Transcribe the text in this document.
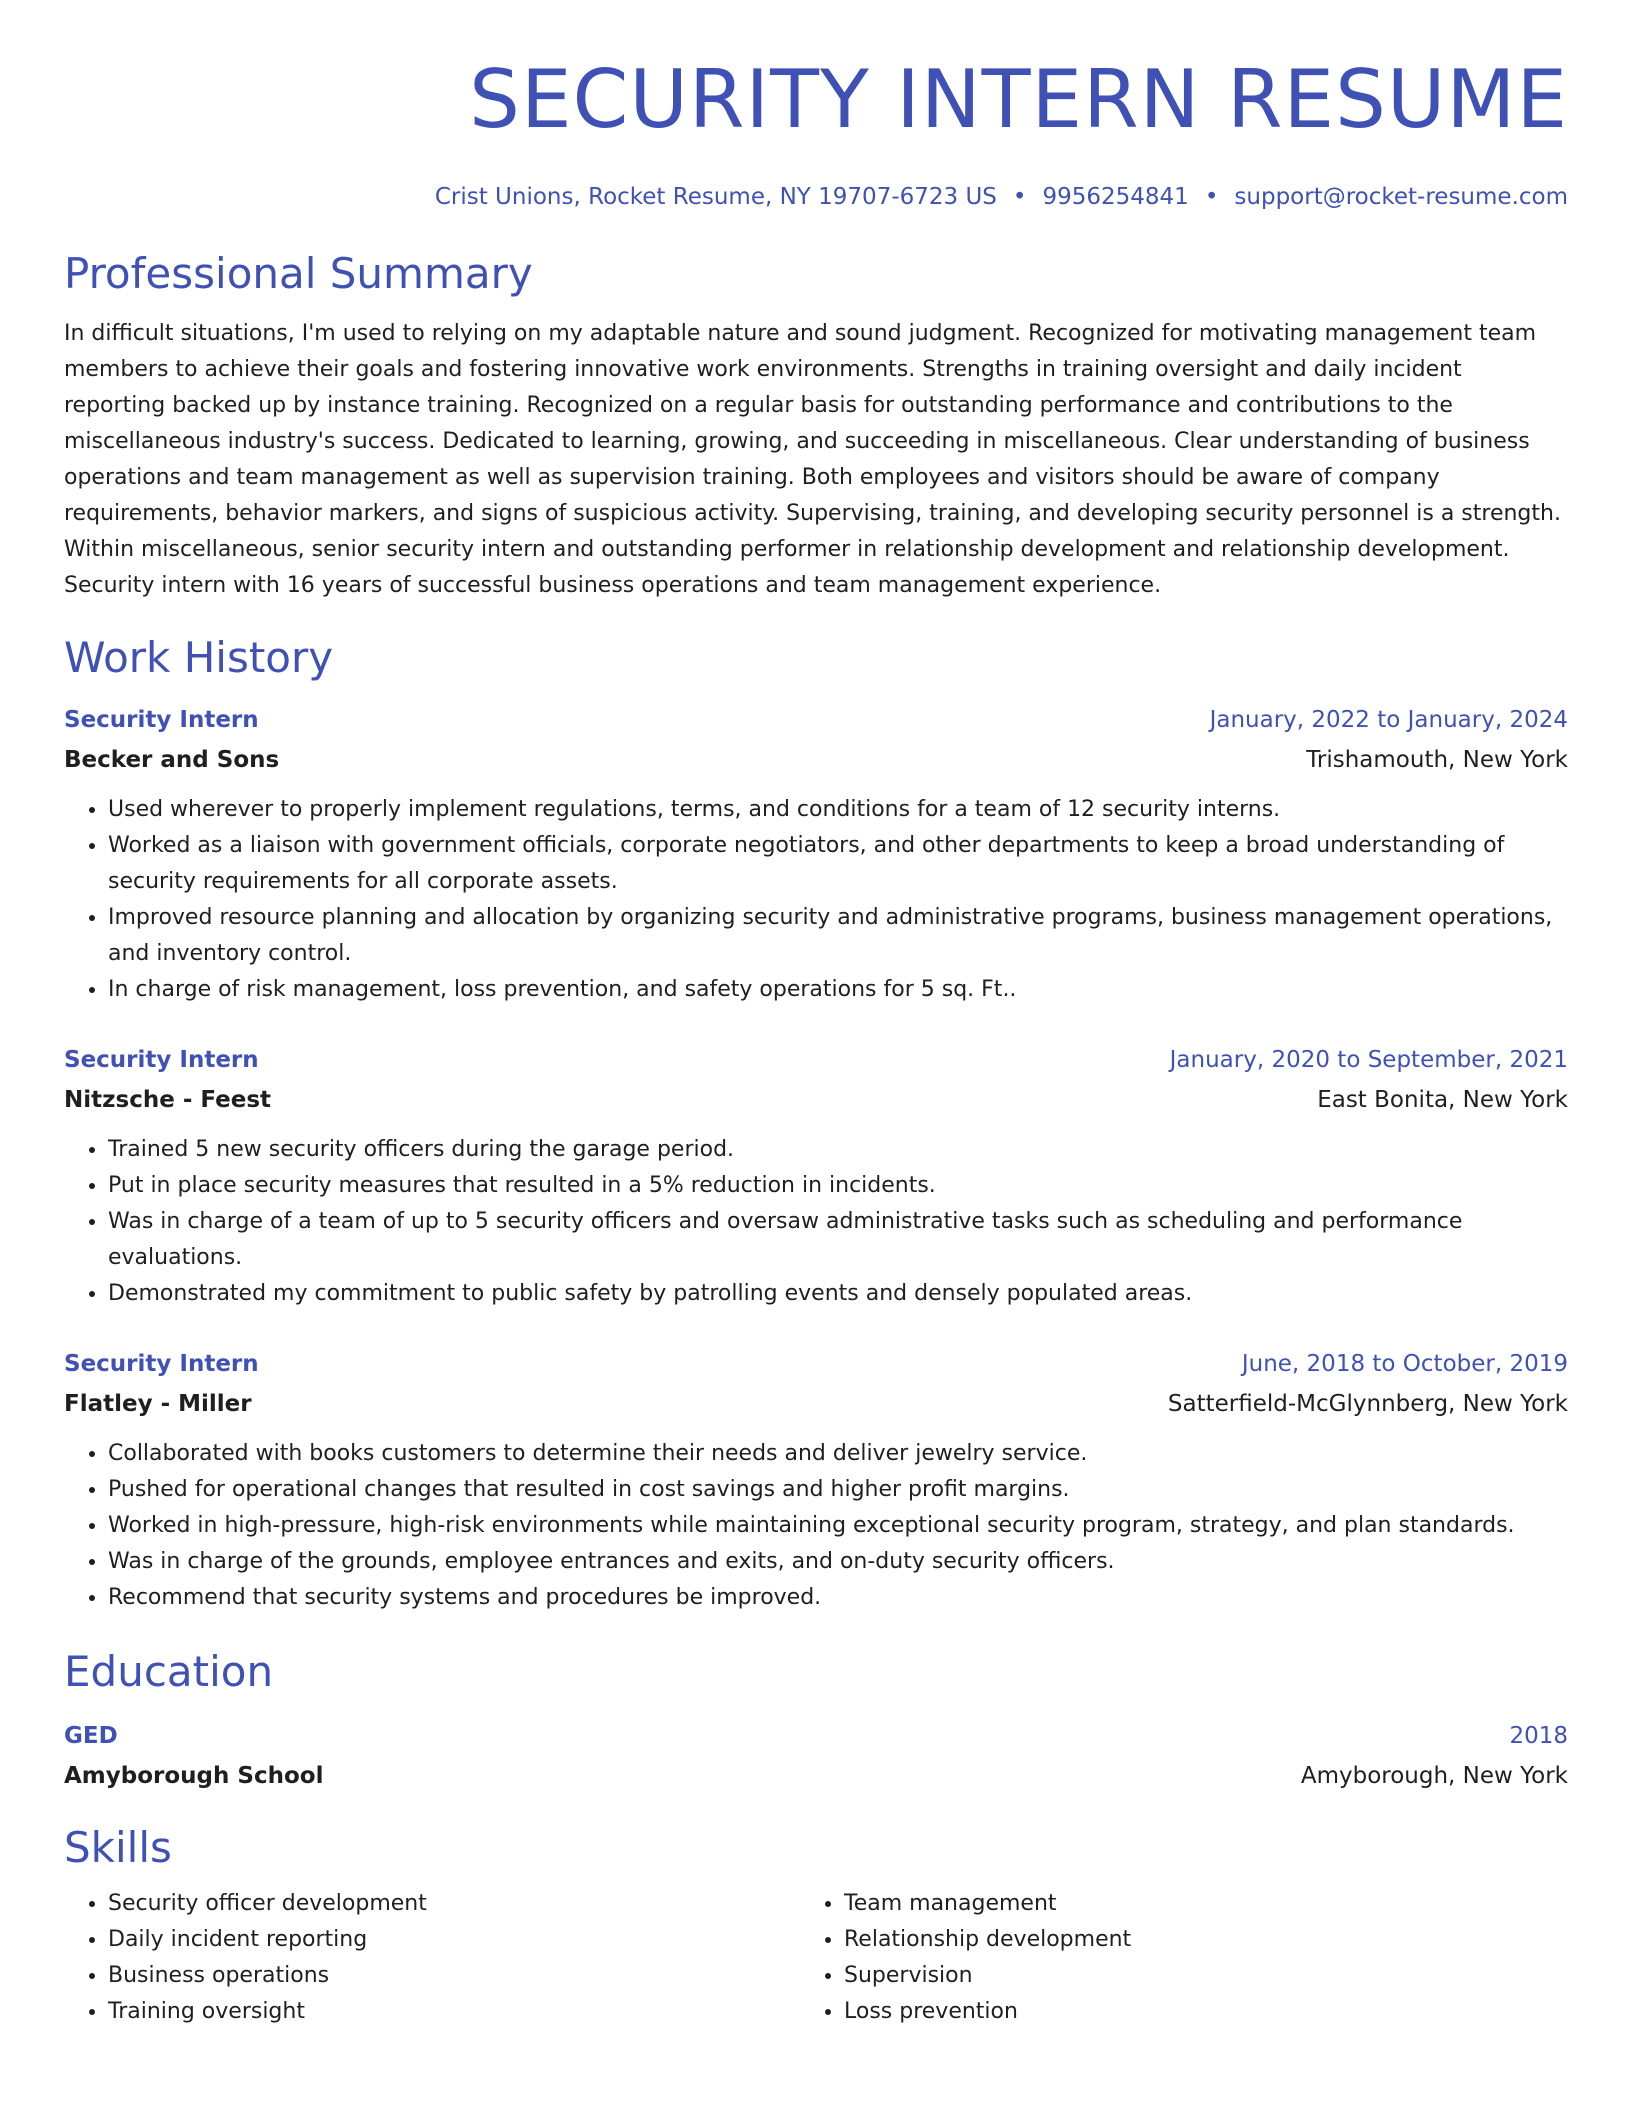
SECURITY INTERN RESUME
Crist Unions, Rocket Resume, NY 19707-6723 US • 9956254841 • support@rocket-resume.com
Professional Summary
In difficult situations, I'm used to relying on my adaptable nature and sound judgment. Recognized for motivating management team members to achieve their goals and fostering innovative work environments. Strengths in training oversight and daily incident reporting backed up by instance training. Recognized on a regular basis for outstanding performance and contributions to the miscellaneous industry's success. Dedicated to learning, growing, and succeeding in miscellaneous. Clear understanding of business operations and team management as well as supervision training. Both employees and visitors should be aware of company requirements, behavior markers, and signs of suspicious activity. Supervising, training, and developing security personnel is a strength. Within miscellaneous, senior security intern and outstanding performer in relationship development and relationship development. Security intern with 16 years of successful business operations and team management experience.
Work History
Security Intern	January, 2022 to January, 2024
Becker and Sons	Trishamouth, New York
• Used wherever to properly implement regulations, terms, and conditions for a team of 12 security interns.
• Worked as a liaison with government officials, corporate negotiators, and other departments to keep a broad understanding of security requirements for all corporate assets.
• Improved resource planning and allocation by organizing security and administrative programs, business management operations, and inventory control.
• In charge of risk management, loss prevention, and safety operations for 5 sq. Ft..
Security Intern	January, 2020 to September, 2021
Nitzsche - Feest	East Bonita, New York
• Trained 5 new security officers during the garage period.
• Put in place security measures that resulted in a 5% reduction in incidents.
• Was in charge of a team of up to 5 security officers and oversaw administrative tasks such as scheduling and performance evaluations.
• Demonstrated my commitment to public safety by patrolling events and densely populated areas.
Security Intern	June, 2018 to October, 2019
Flatley - Miller	Satterfield-McGlynnberg, New York
• Collaborated with books customers to determine their needs and deliver jewelry service.
• Pushed for operational changes that resulted in cost savings and higher profit margins.
• Worked in high-pressure, high-risk environments while maintaining exceptional security program, strategy, and plan standards.
• Was in charge of the grounds, employee entrances and exits, and on-duty security officers.
• Recommend that security systems and procedures be improved.
Education
GED	2018
Amyborough School	Amyborough, New York
Skills
• Security officer development
• Daily incident reporting
• Business operations
• Training oversight
• Team management
• Relationship development
• Supervision
• Loss prevention
